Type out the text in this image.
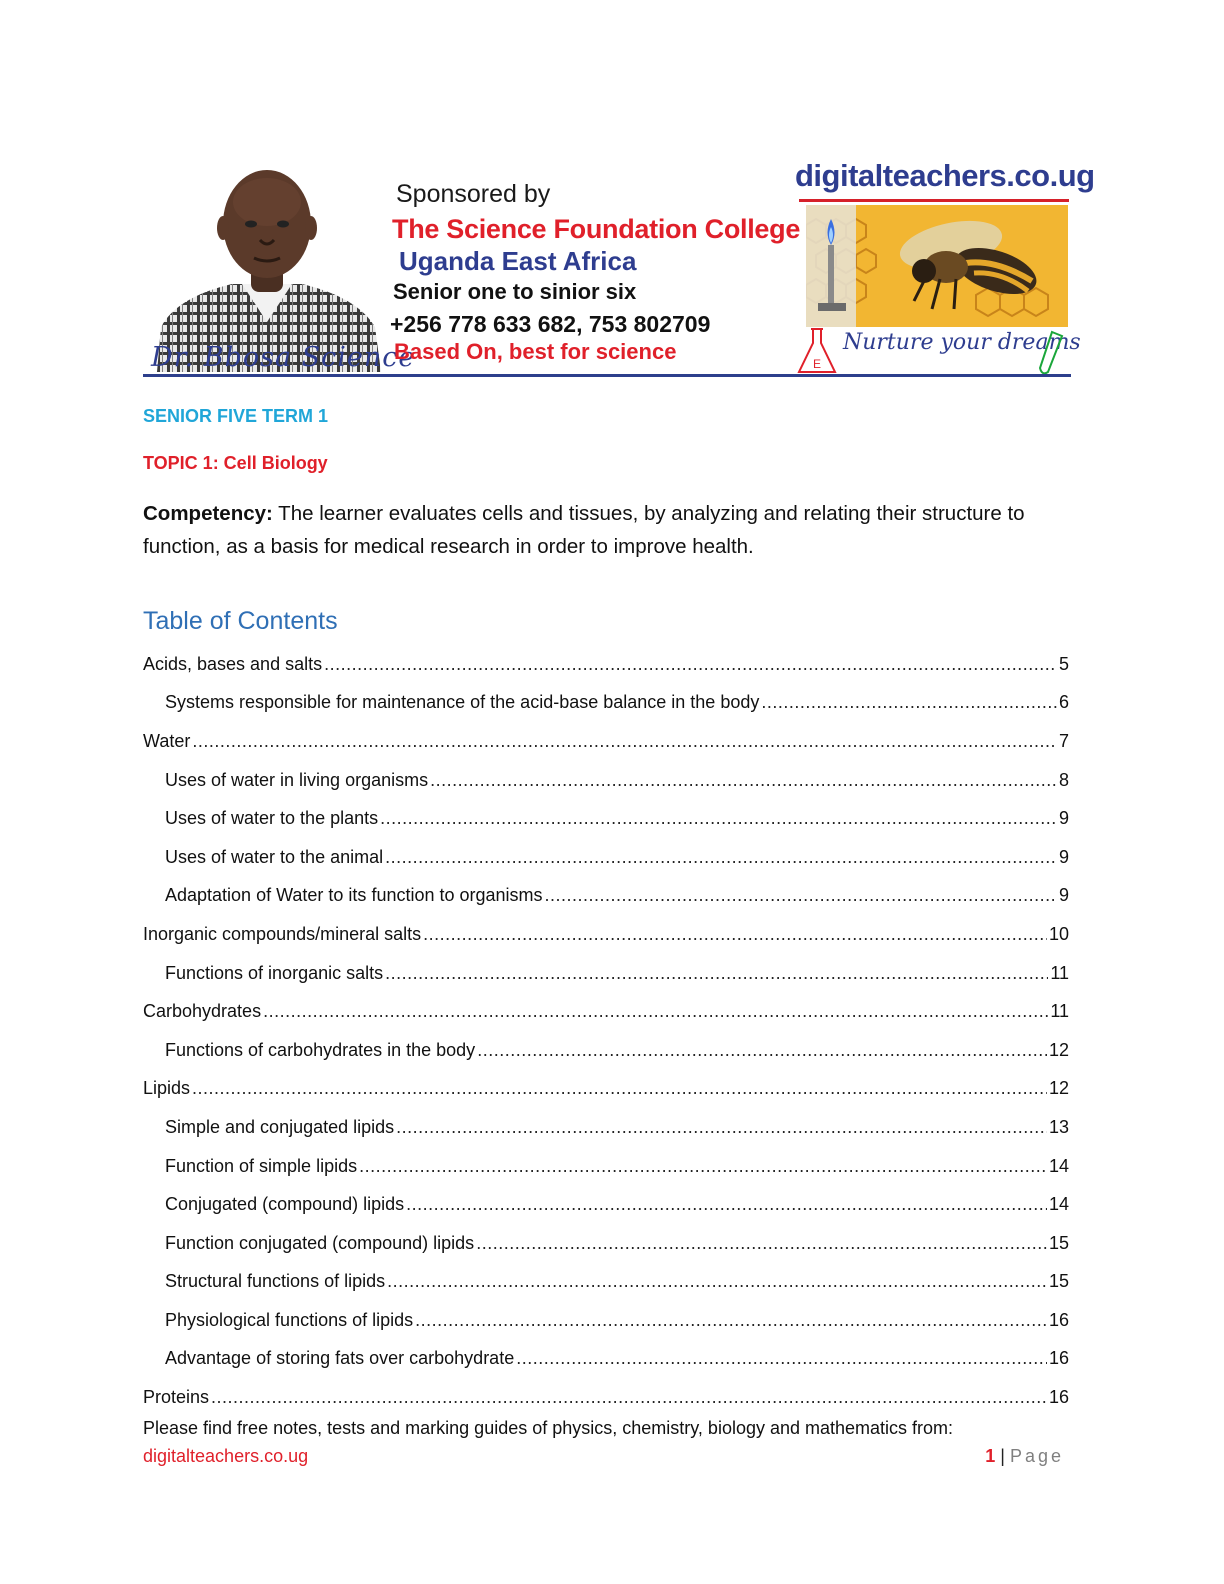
Dr. Bbosa Science
Sponsored by
The Science Foundation College
Uganda East Africa
Senior one to sinior six
+256 778 633 682, 753 802709
Based On, best for science
digitalteachers.co.ug
E
Nurture your dreams
SENIOR FIVE TERM 1
TOPIC 1: Cell Biology
Competency: The learner evaluates cells and tissues, by analyzing and relating their structure to function, as a basis for medical research in order to improve health.
Table of Contents
Acids, bases and salts .....	5
Systems responsible for maintenance of the acid-base balance in the body .....	6
Water .....	7
Uses of water in living organisms .....	8
Uses of water to the plants .....	9
Uses of water to the animal .....	9
Adaptation of Water to its function to organisms .....	9
Inorganic compounds/mineral salts .....	10
Functions of inorganic salts .....	11
Carbohydrates .....	11
Functions of carbohydrates in the body .....	12
Lipids .....	12
Simple and conjugated lipids .....	13
Function of simple lipids .....	14
Conjugated (compound) lipids .....	14
Function conjugated (compound) lipids .....	15
Structural functions of lipids .....	15
Physiological functions of lipids .....	16
Advantage of storing fats over carbohydrate .....	16
Proteins .....	16
Please find free notes, tests and marking guides of physics, chemistry, biology and mathematics from:
digitalteachers.co.ug	1 | Page
